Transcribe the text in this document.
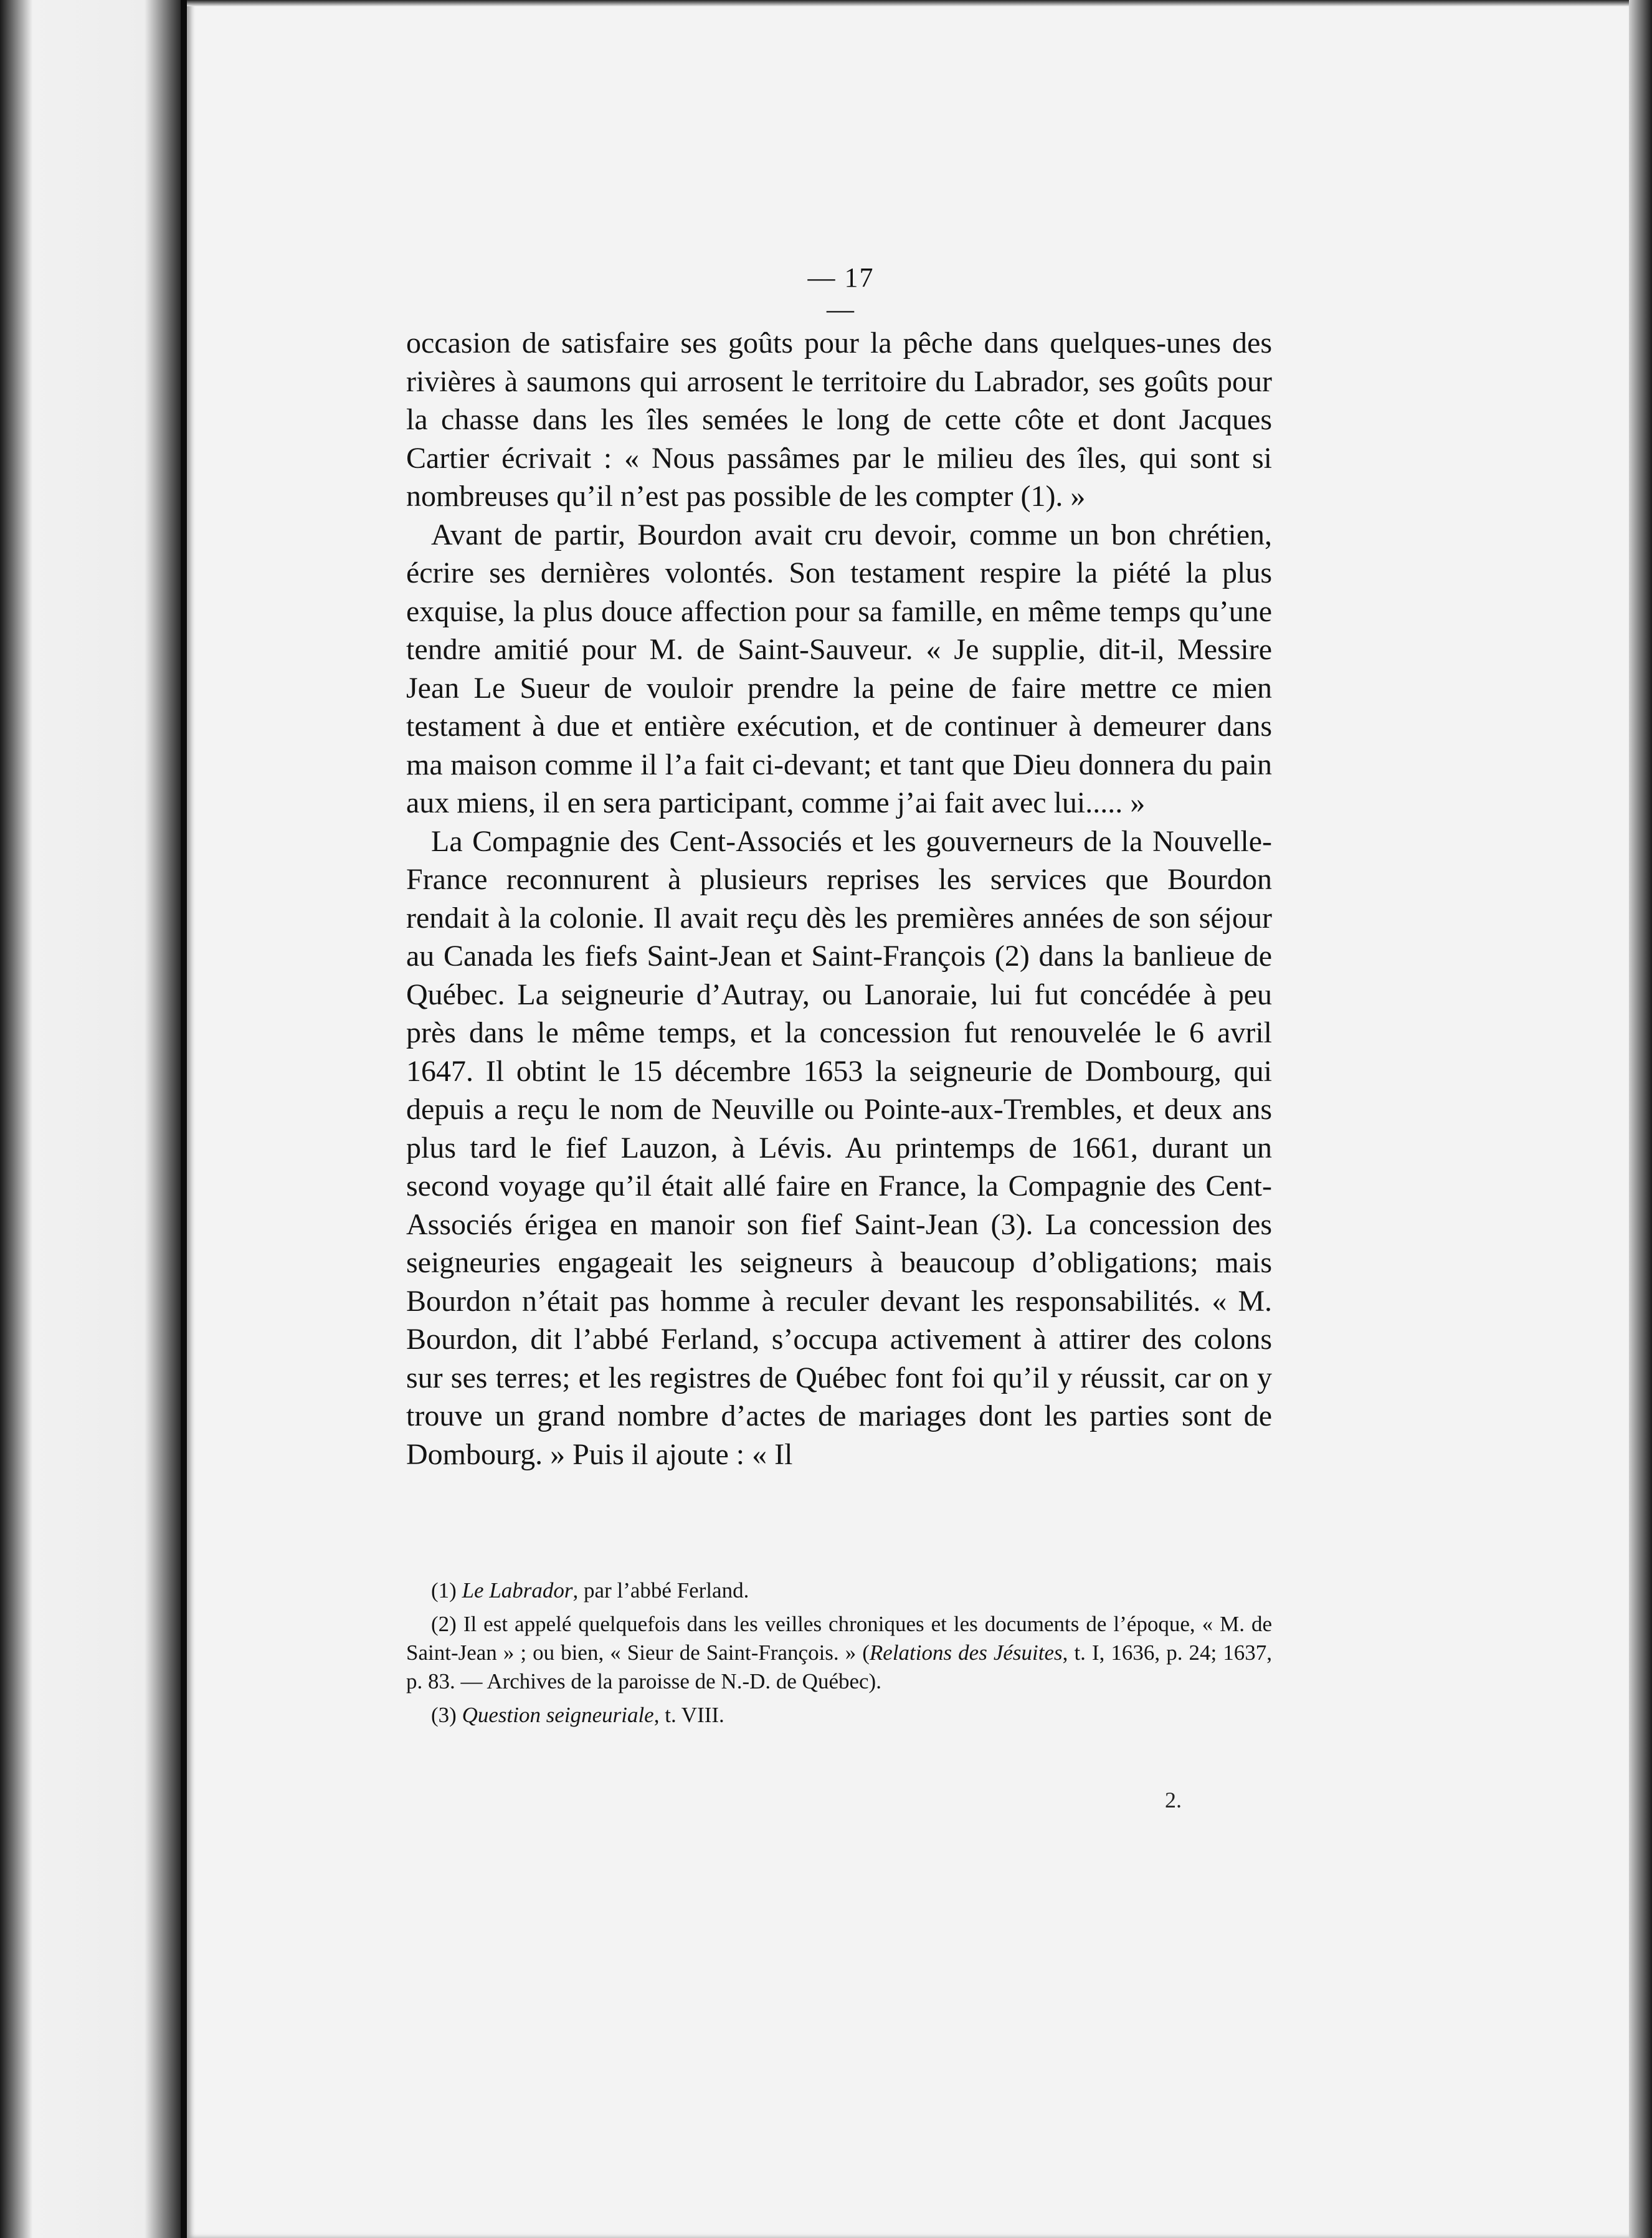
— 17 —

occasion de satisfaire ses goûts pour la pêche dans quelques-unes des rivières à saumons qui arrosent le territoire du Labrador, ses goûts pour la chasse dans les îles semées le long de cette côte et dont Jacques Cartier écrivait : « Nous passâmes par le milieu des îles, qui sont si nombreuses qu’il n’est pas possible de les compter (1). »

Avant de partir, Bourdon avait cru devoir, comme un bon chrétien, écrire ses dernières volontés. Son testament respire la piété la plus exquise, la plus douce affection pour sa famille, en même temps qu’une tendre amitié pour M. de Saint-Sauveur. « Je supplie, dit-il, Messire Jean Le Sueur de vouloir prendre la peine de faire mettre ce mien testament à due et entière exécution, et de continuer à demeurer dans ma maison comme il l’a fait ci-devant; et tant que Dieu donnera du pain aux miens, il en sera participant, comme j’ai fait avec lui..... »

La Compagnie des Cent-Associés et les gouverneurs de la Nouvelle-France reconnurent à plusieurs reprises les services que Bourdon rendait à la colonie. Il avait reçu dès les premières années de son séjour au Canada les fiefs Saint-Jean et Saint-François (2) dans la banlieue de Québec. La seigneurie d’Autray, ou Lanoraie, lui fut concédée à peu près dans le même temps, et la concession fut renouvelée le 6 avril 1647. Il obtint le 15 décembre 1653 la seigneurie de Dombourg, qui depuis a reçu le nom de Neuville ou Pointe-aux-Trembles, et deux ans plus tard le fief Lauzon, à Lévis. Au printemps de 1661, durant un second voyage qu’il était allé faire en France, la Compagnie des Cent-Associés érigea en manoir son fief Saint-Jean (3). La concession des seigneuries engageait les seigneurs à beaucoup d’obligations; mais Bourdon n’était pas homme à reculer devant les responsabilités. « M. Bourdon, dit l’abbé Ferland, s’occupa activement à attirer des colons sur ses terres; et les registres de Québec font foi qu’il y réussit, car on y trouve un grand nombre d’actes de mariages dont les parties sont de Dombourg. » Puis il ajoute : « Il

(1) Le Labrador, par l’abbé Ferland.

(2) Il est appelé quelquefois dans les veilles chroniques et les documents de l’époque, « M. de Saint-Jean » ; ou bien, « Sieur de Saint-François. » (Relations des Jésuites, t. I, 1636, p. 24; 1637, p. 83. — Archives de la paroisse de N.-D. de Québec).

(3) Question seigneuriale, t. VIII.

2.
